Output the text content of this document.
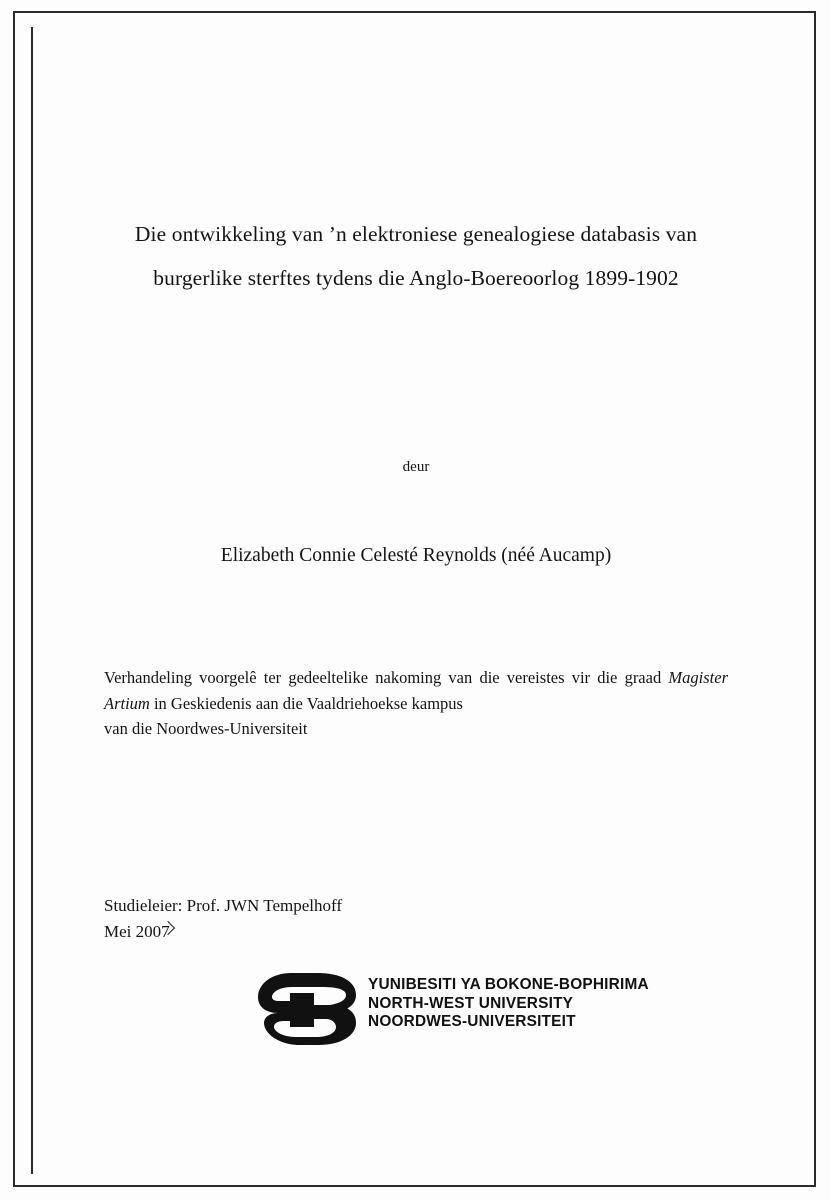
Die ontwikkeling van ’n elektroniese genealogiese databasis van
burgerlike sterftes tydens die Anglo-Boereoorlog 1899-1902
deur
Elizabeth Connie Celesté Reynolds (néé Aucamp)

Verhandeling voorgelê ter gedeeltelike nakoming van die vereistes vir die graad Magister Artium in Geskiedenis aan die Vaaldriehoekse kampus

van die Noordwes-Universiteit

Studieleier: Prof. JWN Tempelhoff
Mei 2007
YUNIBESITI YA BOKONE-BOPHIRIMA
NORTH-WEST UNIVERSITY
NOORDWES-UNIVERSITEIT
